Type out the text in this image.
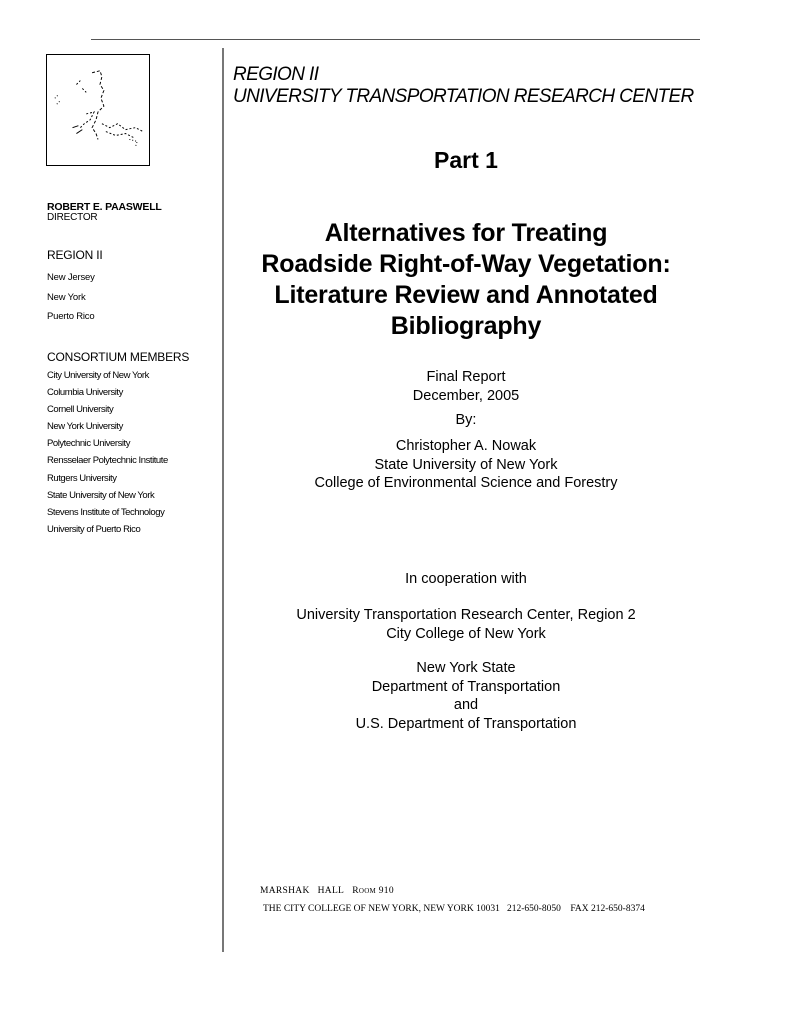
ROBERT E. PAASWELL
DIRECTOR
REGION II
New Jersey
New York
Puerto Rico
CONSORTIUM MEMBERS
City University of New York
Columbia University
Cornell University
New York University
Polytechnic University
Rensselaer Polytechnic Institute
Rutgers University
State University of New York
Stevens Institute of Technology
University of Puerto Rico
REGION II
UNIVERSITY TRANSPORTATION RESEARCH CENTER
Part 1
Alternatives for Treating
Roadside Right-of-Way Vegetation:
Literature Review and Annotated
Bibliography
Final Report
December, 2005
By:
Christopher A. Nowak
State University of New York
College of Environmental Science and Forestry
In cooperation with
University Transportation Research Center, Region 2
City College of New York
New York State
Department of Transportation
and
U.S. Department of Transportation
MARSHAK   HALL Room 910
THE CITY COLLEGE OF NEW YORK, NEW YORK 10031   212-650-8050    FAX 212-650-8374
